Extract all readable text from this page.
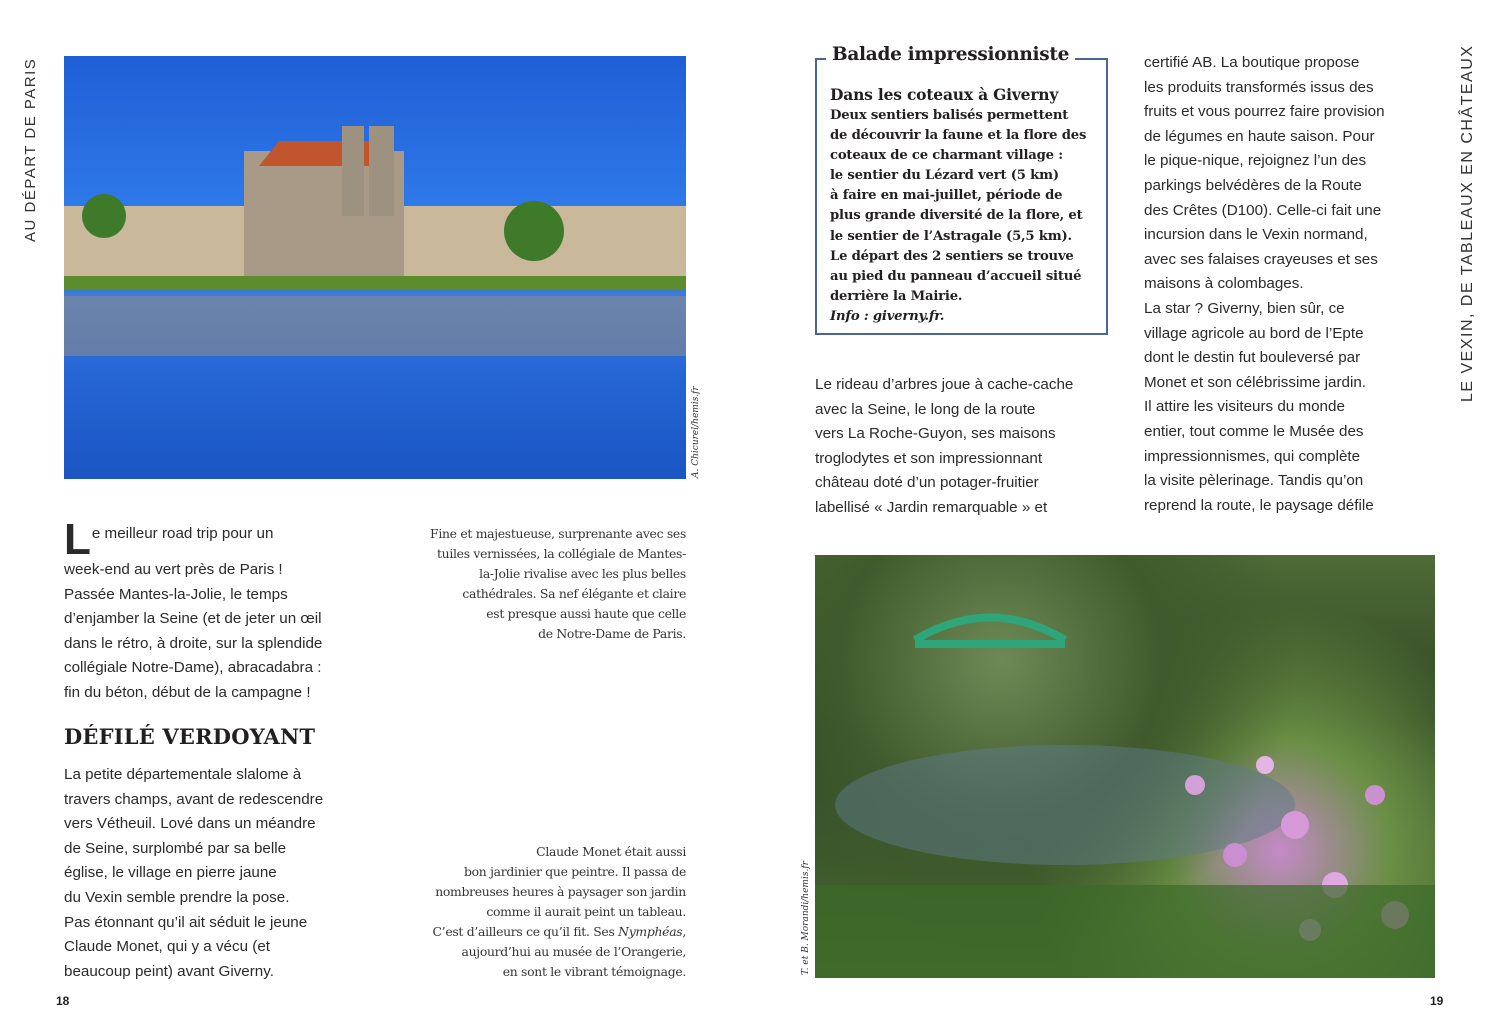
AU DÉPART DE PARIS	LE VEXIN, DE TABLEAUX EN CHÂTEAUX
A. Chicurel/hemis.fr
Le meilleur road trip pour un
week-end au vert près de Paris !
Passée Mantes-la-Jolie, le temps
d’enjamber la Seine (et de jeter un œil
dans le rétro, à droite, sur la splendide
collégiale Notre-Dame), abracadabra :
fin du béton, début de la campagne !
DÉFILÉ VERDOYANT
La petite départementale slalome à
travers champs, avant de redescendre
vers Vétheuil. Lové dans un méandre
de Seine, surplombé par sa belle
église, le village en pierre jaune
du Vexin semble prendre la pose.
Pas étonnant qu’il ait séduit le jeune
Claude Monet, qui y a vécu (et
beaucoup peint) avant Giverny.
Fine et majestueuse, surprenante avec ses
tuiles vernissées, la collégiale de Mantes-
la-Jolie rivalise avec les plus belles
cathédrales. Sa nef élégante et claire
est presque aussi haute que celle
de Notre-Dame de Paris.
Claude Monet était aussi
bon jardinier que peintre. Il passa de
nombreuses heures à paysager son jardin
comme il aurait peint un tableau.
C’est d’ailleurs ce qu’il fit. Ses Nymphéas,
aujourd’hui au musée de l’Orangerie,
en sont le vibrant témoignage.
18	19
Balade impressionniste
Dans les coteaux à Giverny
Deux sentiers balisés permettent
de découvrir la faune et la flore des
coteaux de ce charmant village :
le sentier du Lézard vert (5 km)
à faire en mai-juillet, période de
plus grande diversité de la flore, et
le sentier de l’Astragale (5,5 km).
Le départ des 2 sentiers se trouve
au pied du panneau d’accueil situé
derrière la Mairie.
Info : giverny.fr.
Le rideau d’arbres joue à cache-cache
avec la Seine, le long de la route
vers La Roche-Guyon, ses maisons
troglodytes et son impressionnant
château doté d’un potager-fruitier
labellisé « Jardin remarquable » et
certifié AB. La boutique propose
les produits transformés issus des
fruits et vous pourrez faire provision
de légumes en haute saison. Pour
le pique-nique, rejoignez l’un des
parkings belvédères de la Route
des Crêtes (D100). Celle-ci fait une
incursion dans le Vexin normand,
avec ses falaises crayeuses et ses
maisons à colombages.
La star ? Giverny, bien sûr, ce
village agricole au bord de l’Epte
dont le destin fut bouleversé par
Monet et son célébrissime jardin.
Il attire les visiteurs du monde
entier, tout comme le Musée des
impressionnismes, qui complète
la visite pèlerinage. Tandis qu’on
reprend la route, le paysage défile
T. et B. Morandi/hemis.fr
